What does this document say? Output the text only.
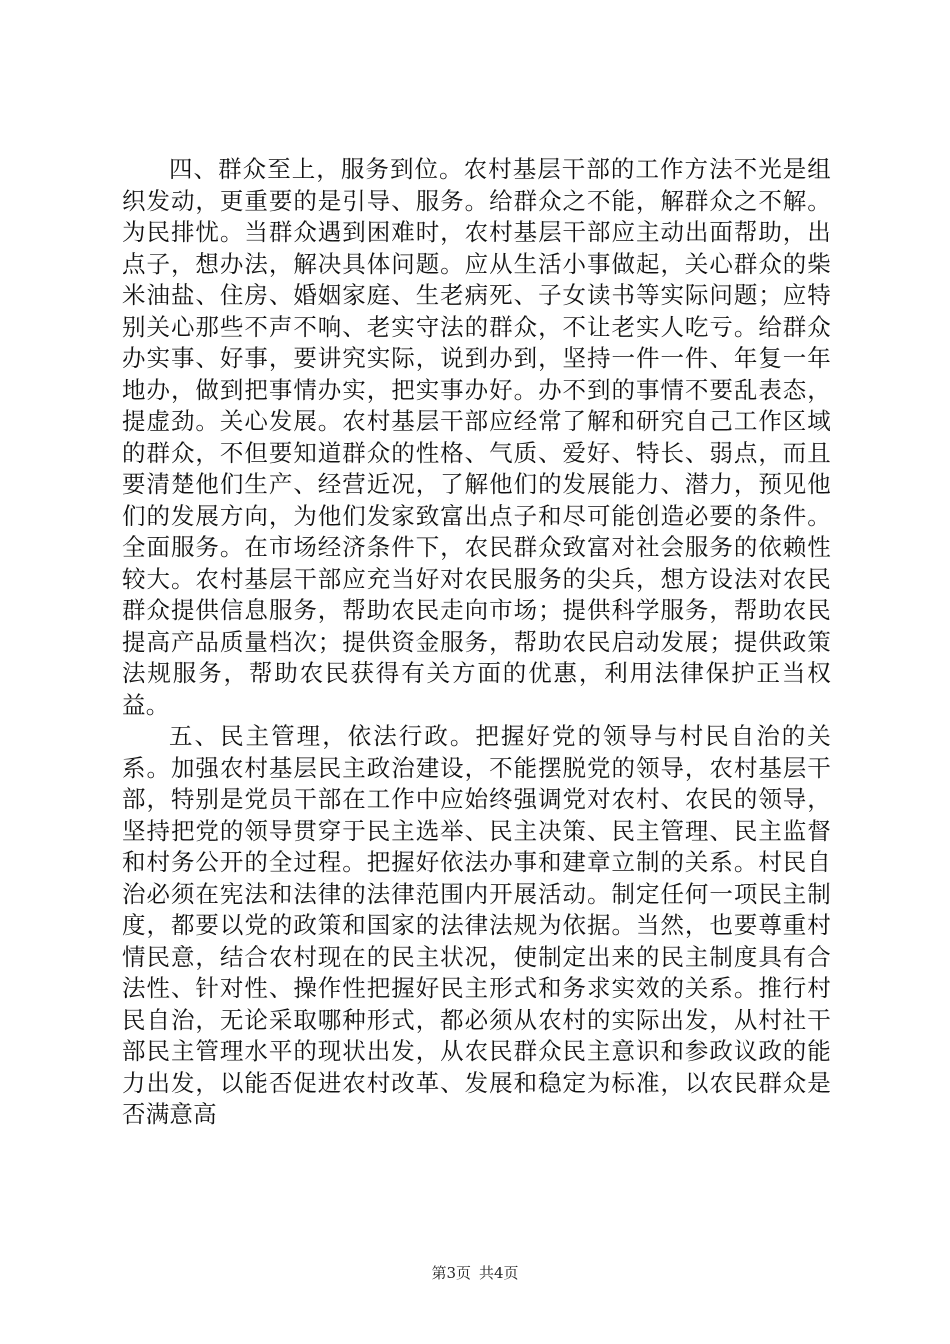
四、群众至上，服务到位。农村基层干部的工作方法不光是组织发动，更重要的是引导、服务。给群众之不能，解群众之不解。为民排忧。当群众遇到困难时，农村基层干部应主动出面帮助，出点子，想办法，解决具体问题。应从生活小事做起，关心群众的柴米油盐、住房、婚姻家庭、生老病死、子女读书等实际问题；应特别关心那些不声不响、老实守法的群众，不让老实人吃亏。给群众办实事、好事，要讲究实际，说到办到，坚持一件一件、年复一年地办，做到把事情办实，把实事办好。办不到的事情不要乱表态，提虚劲。关心发展。农村基层干部应经常了解和研究自己工作区域的群众，不但要知道群众的性格、气质、爱好、特长、弱点，而且要清楚他们生产、经营近况，了解他们的发展能力、潜力，预见他们的发展方向，为他们发家致富出点子和尽可能创造必要的条件。全面服务。在市场经济条件下，农民群众致富对社会服务的依赖性较大。农村基层干部应充当好对农民服务的尖兵，想方设法对农民群众提供信息服务，帮助农民走向市场；提供科学服务，帮助农民提高产品质量档次；提供资金服务，帮助农民启动发展；提供政策法规服务，帮助农民获得有关方面的优惠，利用法律保护正当权益。

五、民主管理，依法行政。把握好党的领导与村民自治的关系。加强农村基层民主政治建设，不能摆脱党的领导，农村基层干部，特别是党员干部在工作中应始终强调党对农村、农民的领导，坚持把党的领导贯穿于民主选举、民主决策、民主管理、民主监督和村务公开的全过程。把握好依法办事和建章立制的关系。村民自治必须在宪法和法律的法律范围内开展活动。制定任何一项民主制度，都要以党的政策和国家的法律法规为依据。当然，也要尊重村情民意，结合农村现在的民主状况，使制定出来的民主制度具有合法性、针对性、操作性把握好民主形式和务求实效的关系。推行村民自治，无论采取哪种形式，都必须从农村的实际出发，从村社干部民主管理水平的现状出发，从农民群众民主意识和参政议政的能力出发，以能否促进农村改革、发展和稳定为标准，以农民群众是否满意高

第3页 共4页
